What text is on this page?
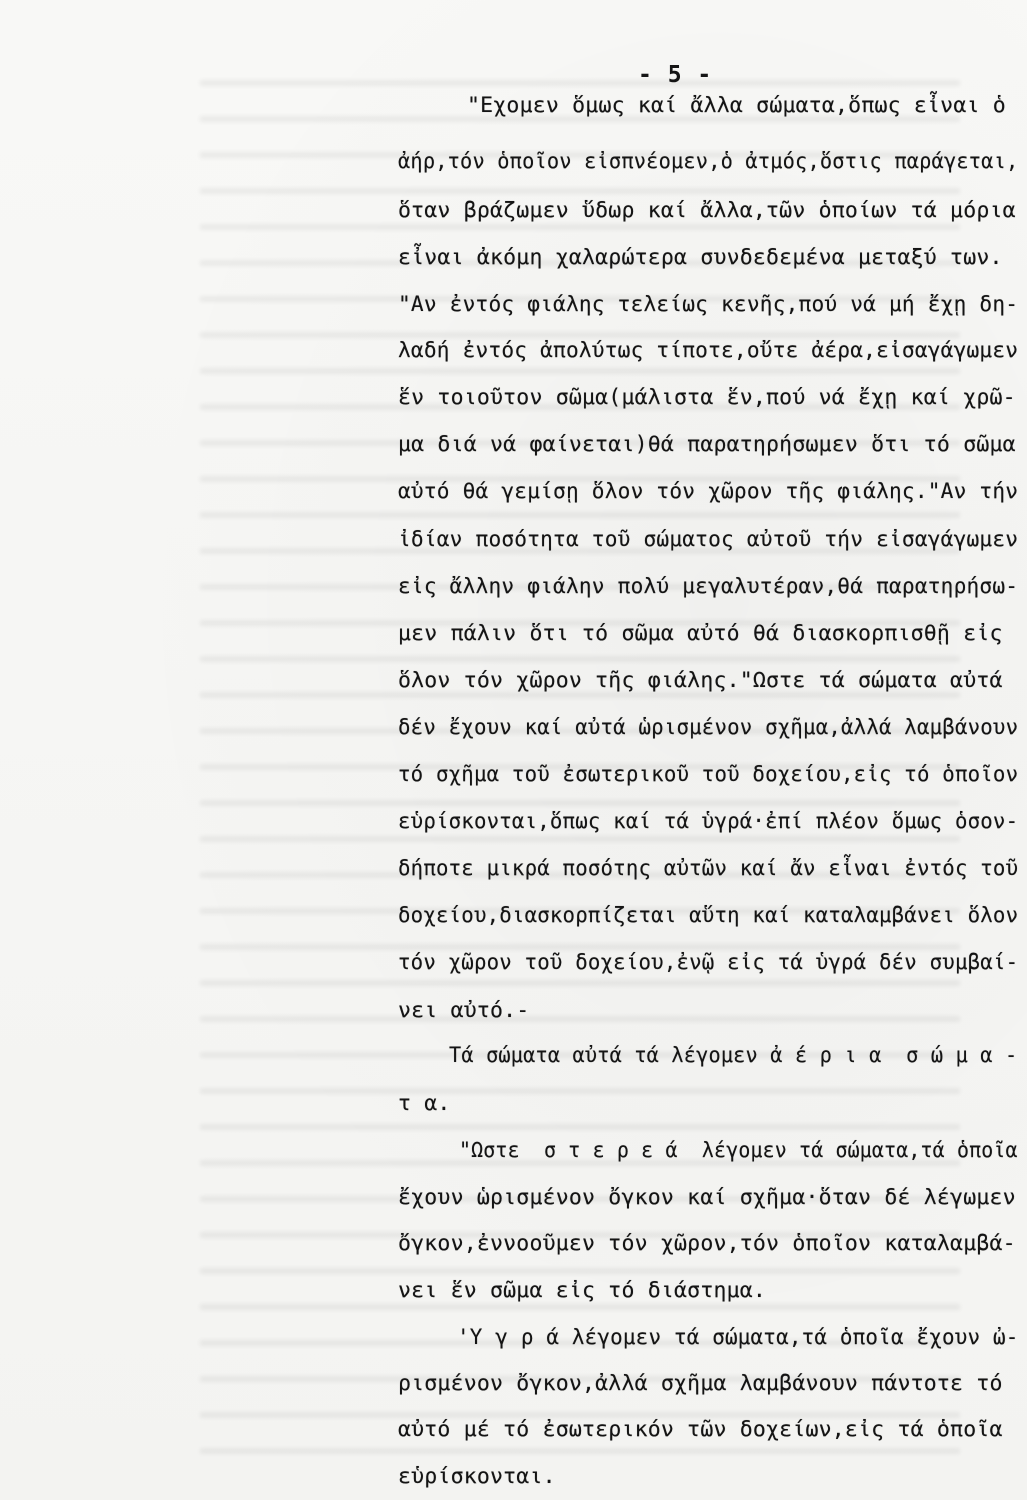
- 5 -
"Εχομεν ὅμως καί ἄλλα σώματα,ὅπως εἶναι ὁ
ἀήρ,τόν ὁποῖον εἰσπνέομεν,ὁ ἀτμός,ὅστις παράγεται,
ὅταν βράζωμεν ὕδωρ καί ἄλλα,τῶν ὁποίων τά μόρια
εἶναι ἀκόμη χαλαρώτερα συνδεδεμένα μεταξύ των.
"Αν ἐντός φιάλης τελείως κενῆς,πού νά μή ἔχῃ δη-
λαδή ἐντός ἀπολύτως τίποτε,οὔτε ἀέρα,εἰσαγάγωμεν
ἕν τοιοῦτον σῶμα(μάλιστα ἕν,πού νά ἔχῃ καί χρῶ-
μα διά νά φαίνεται)θά παρατηρήσωμεν ὅτι τό σῶμα
αὐτό θά γεμίσῃ ὅλον τόν χῶρον τῆς φιάλης."Αν τήν
ἰδίαν ποσότητα τοῦ σώματος αὐτοῦ τήν εἰσαγάγωμεν
εἰς ἄλλην φιάλην πολύ μεγαλυτέραν,θά παρατηρήσω-
μεν πάλιν ὅτι τό σῶμα αὐτό θά διασκορπισθῇ εἰς
ὅλον τόν χῶρον τῆς φιάλης."Ωστε τά σώματα αὐτά
δέν ἔχουν καί αὐτά ὡρισμένον σχῆμα,ἀλλά λαμβάνουν
τό σχῆμα τοῦ ἐσωτερικοῦ τοῦ δοχείου,εἰς τό ὁποῖον
εὑρίσκονται,ὅπως καί τά ὑγρά·ἐπί πλέον ὅμως ὁσον-
δήποτε μικρά ποσότης αὐτῶν καί ἄν εἶναι ἐντός τοῦ
δοχείου,διασκορπίζεται αὕτη καί καταλαμβάνει ὅλον
τόν χῶρον τοῦ δοχείου,ἐνῷ εἰς τά ὑγρά δέν συμβαί-
νει αὐτό.-
Τά σώματα αὐτά τά λέγομεν ἀ έ ρ ι α  σ ώ μ α -
τ α.
"Ωστε  σ τ ε ρ ε ά  λέγομεν τά σώματα,τά ὁποῖα
ἔχουν ὡρισμένον ὄγκον καί σχῆμα·ὅταν δέ λέγωμεν
ὄγκον,ἐννοοῦμεν τόν χῶρον,τόν ὁποῖον καταλαμβά-
νει ἕν σῶμα εἰς τό διάστημα.
'Υ γ ρ ά λέγομεν τά σώματα,τά ὁποῖα ἔχουν ὠ-
ρισμένον ὄγκον,ἀλλά σχῆμα λαμβάνουν πάντοτε τό
αὐτό μέ τό ἐσωτερικόν τῶν δοχείων,εἰς τά ὁποῖα
εὑρίσκονται.
